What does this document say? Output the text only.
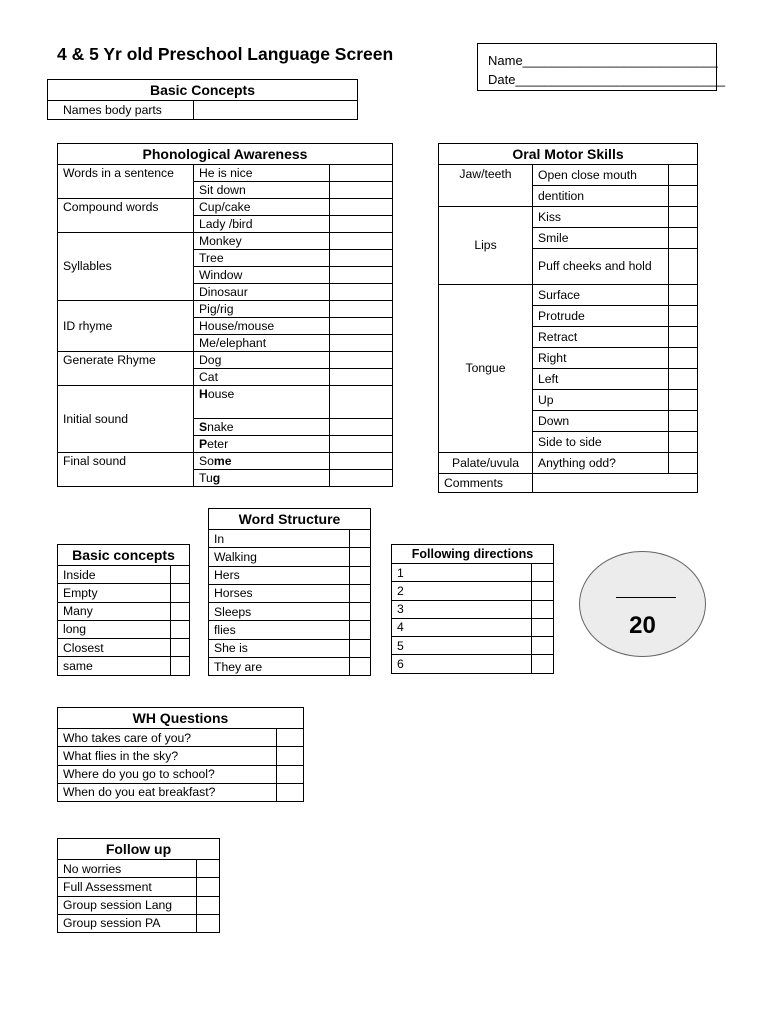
4 & 5 Yr old Preschool Language Screen	Name___________________________
Date_____________________________
Basic Concepts
Names body parts	
Phonological Awareness		
Words in a sentence	He is nice	
	Sit down	
Compound words	Cup/cake	
	Lady /bird	
Syllables	Monkey	
	Tree	
	Window	
	Dinosaur	
ID rhyme	Pig/rig	
	House/mouse	
	Me/elephant	
Generate Rhyme	Dog	
	Cat	
Initial sound	House	
	Snake	
	Peter	
Final sound	Some	
	Tug	
Oral Motor Skills		
Jaw/teeth	Open close mouth	
	dentition	
Lips	Kiss	
	Smile	
	Puff cheeks and hold	
Tongue	Surface	
	Protrude	
	Retract	
	Right	
	Left	
	Up	
	Down	
	Side to side	
Palate/uvula	Anything odd?	
Comments		
Word Structure	
In	
Walking	
Hers	
Horses	
Sleeps	
flies	
She is	
They are	
Basic concepts	
Inside	
Empty	
Many	
long	
Closest	
same	
Following directions	
1	
2	
3	
4	
5	
6	
20
WH Questions	
Who takes care of you?	
What flies in the sky?	
Where do you go to school?	
When do you eat breakfast?	
Follow up	
No worries	
Full Assessment	
Group session Lang	
Group session PA	
